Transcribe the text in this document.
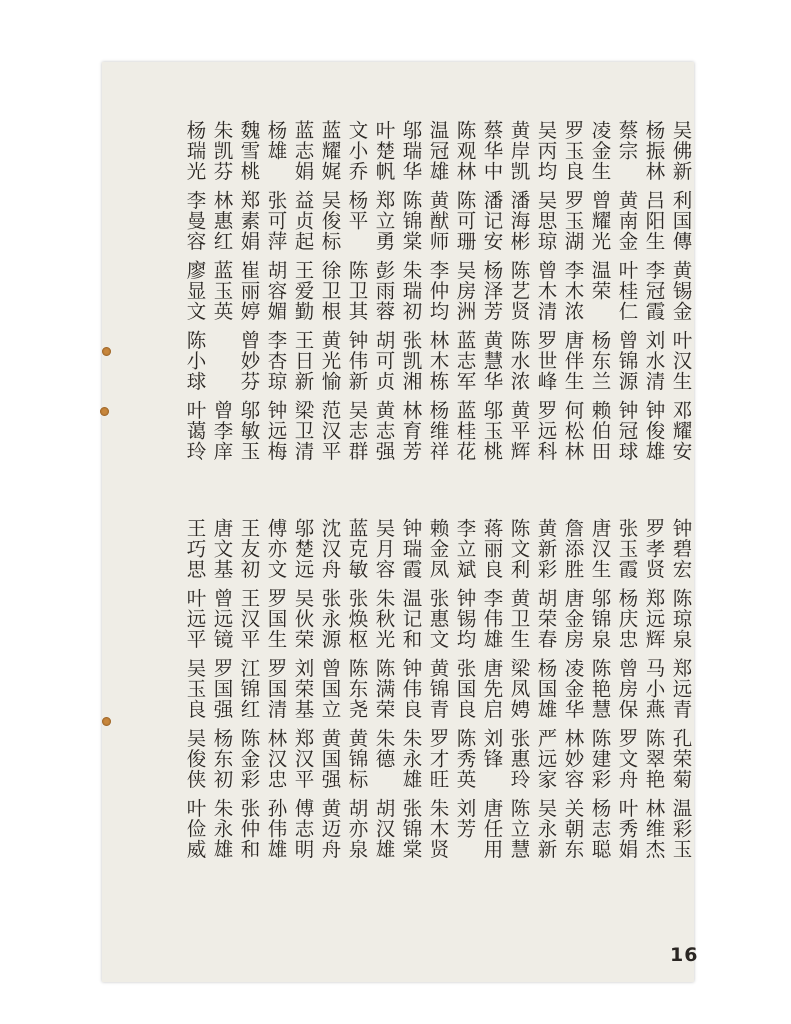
吴佛新
利国傳
黄锡金
叶汉生
邓耀安
杨振林
吕阳生
李冠霞
刘水清
钟俊雄
蔡宗
黄南金
叶桂仁
曾锦源
钟冠球
凌金生
曾耀光
温荣
杨东兰
赖伯田
罗玉良
罗玉湖
李木浓
唐伴生
何松林
吴丙均
吴思琼
曾木清
罗世峰
罗远科
黄岸凯
潘海彬
陈艺贤
陈水浓
黄平辉
蔡华中
潘记安
杨泽芳
黄慧华
邬玉桃
陈观林
陈可珊
吴房洲
蓝志军
蓝桂花
温冠雄
黄猷师
李仲均
林木栋
杨维祥
邬瑞华
陈锦棠
朱瑞初
张凯湘
林育芳
叶楚帆
郑立勇
彭雨蓉
胡可贞
黄志强
文小乔
杨平
陈卫其
钟伟新
吴志群
蓝耀娓
吴俊标
徐卫根
黄光愉
范汉平
蓝志娟
益贞起
王爱勤
王日新
梁卫清
杨雄
张可萍
胡容媚
李杏琼
钟远梅
魏雪桃
郑素娟
崔丽婷
曾妙芬
邬敏玉
朱凯芬
林惠红
蓝玉英
曾李庠
杨瑞光
李曼容
廖显文
陈小球
叶蔼玲
钟碧宏
陈琼泉
郑远青
孔荣菊
温彩玉
罗孝贤
郑远辉
马小燕
陈翠艳
林维杰
张玉霞
杨庆忠
曾房保
罗文舟
叶秀娟
唐汉生
邬锦泉
陈艳慧
陈建彩
杨志聪
詹添胜
唐金房
凌金华
林妙容
关朝东
黄新彩
胡荣春
杨国雄
严远家
吴永新
陈文利
黄卫生
梁凤娉
张惠玲
陈立慧
蒋丽良
李伟雄
唐先启
刘锋
唐任用
李立斌
钟锡均
张国良
陈秀英
刘芳
赖金凤
张惠文
黄锦青
罗才旺
朱木贤
钟瑞霞
温记和
钟伟良
朱永雄
张锦棠
吴月容
朱秋光
陈满荣
朱德
胡汉雄
蓝克敏
张焕枢
陈东尧
黄锦标
胡亦泉
沈汉舟
张永源
曾国立
黄国强
黄迈舟
邬楚远
吴伙荣
刘荣基
郑汉平
傅志明
傅亦文
罗国生
罗国清
林汉忠
孙伟雄
王友初
王汉平
江锦红
陈金彩
张仲和
唐文基
曾远镜
罗国强
杨东初
朱永雄
王巧思
叶远平
吴玉良
吴俊侠
叶俭威
16
